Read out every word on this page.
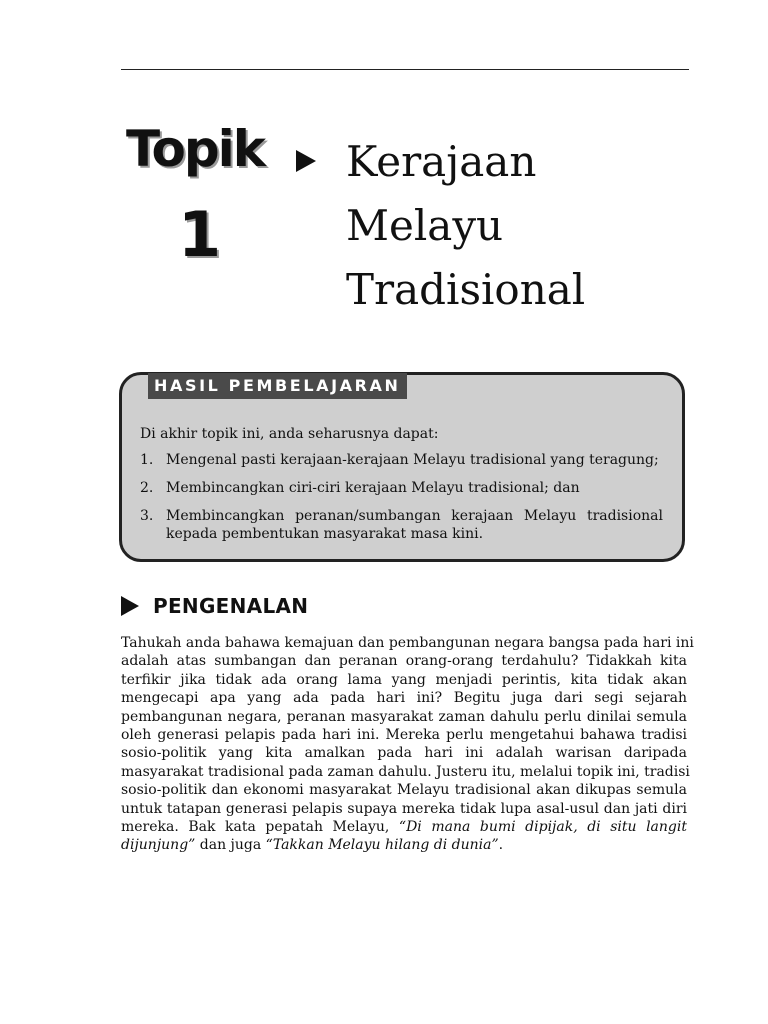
Topik
1
Kerajaan
Melayu
Tradisional
HASIL PEMBELAJARAN
Di akhir topik ini, anda seharusnya dapat:
1. Mengenal pasti kerajaan-kerajaan Melayu tradisional yang teragung;
2. Membincangkan ciri-ciri kerajaan Melayu tradisional; dan
3. Membincangkan peranan/sumbangan kerajaan Melayu tradisional
kepada pembentukan masyarakat masa kini.
PENGENALAN
Tahukah anda bahawa kemajuan dan pembangunan negara bangsa pada hari ini
adalah atas sumbangan dan peranan orang-orang terdahulu? Tidakkah kita
terfikir jika tidak ada orang lama yang menjadi perintis, kita tidak akan
mengecapi apa yang ada pada hari ini? Begitu juga dari segi sejarah
pembangunan negara, peranan masyarakat zaman dahulu perlu dinilai semula
oleh generasi pelapis pada hari ini. Mereka perlu mengetahui bahawa tradisi
sosio-politik yang kita amalkan pada hari ini adalah warisan daripada
masyarakat tradisional pada zaman dahulu. Justeru itu, melalui topik ini, tradisi
sosio-politik dan ekonomi masyarakat Melayu tradisional akan dikupas semula
untuk tatapan generasi pelapis supaya mereka tidak lupa asal-usul dan jati diri
mereka. Bak kata pepatah Melayu, “Di mana bumi dipijak, di situ langit
dijunjung” dan juga “Takkan Melayu hilang di dunia”.
